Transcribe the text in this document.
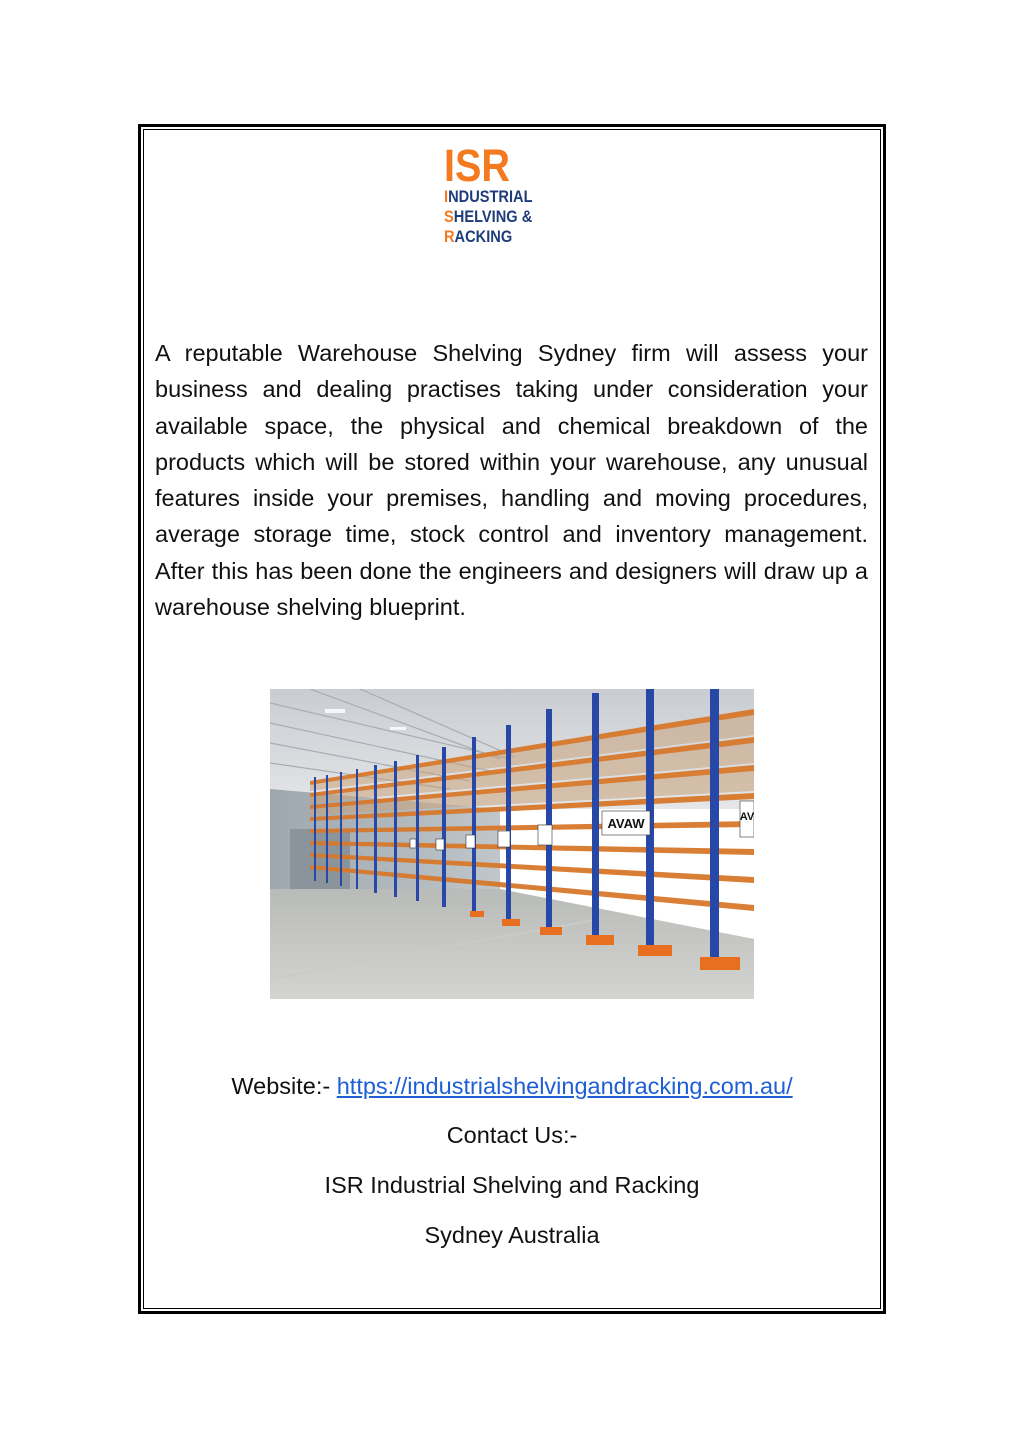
ISR
INDUSTRIAL
SHELVING &
RACKING

A reputable Warehouse Shelving Sydney firm will assess your business and dealing practises taking under consideration your available space, the physical and chemical breakdown of the products which will be stored within your warehouse, any unusual features inside your premises, handling and moving procedures, average storage time, stock control and inventory management. After this has been done the engineers and designers will draw up a warehouse shelving blueprint.

AVAW	AV
Website:- https://industrialshelvingandracking.com.au/
Contact Us:-
ISR Industrial Shelving and Racking
Sydney Australia
